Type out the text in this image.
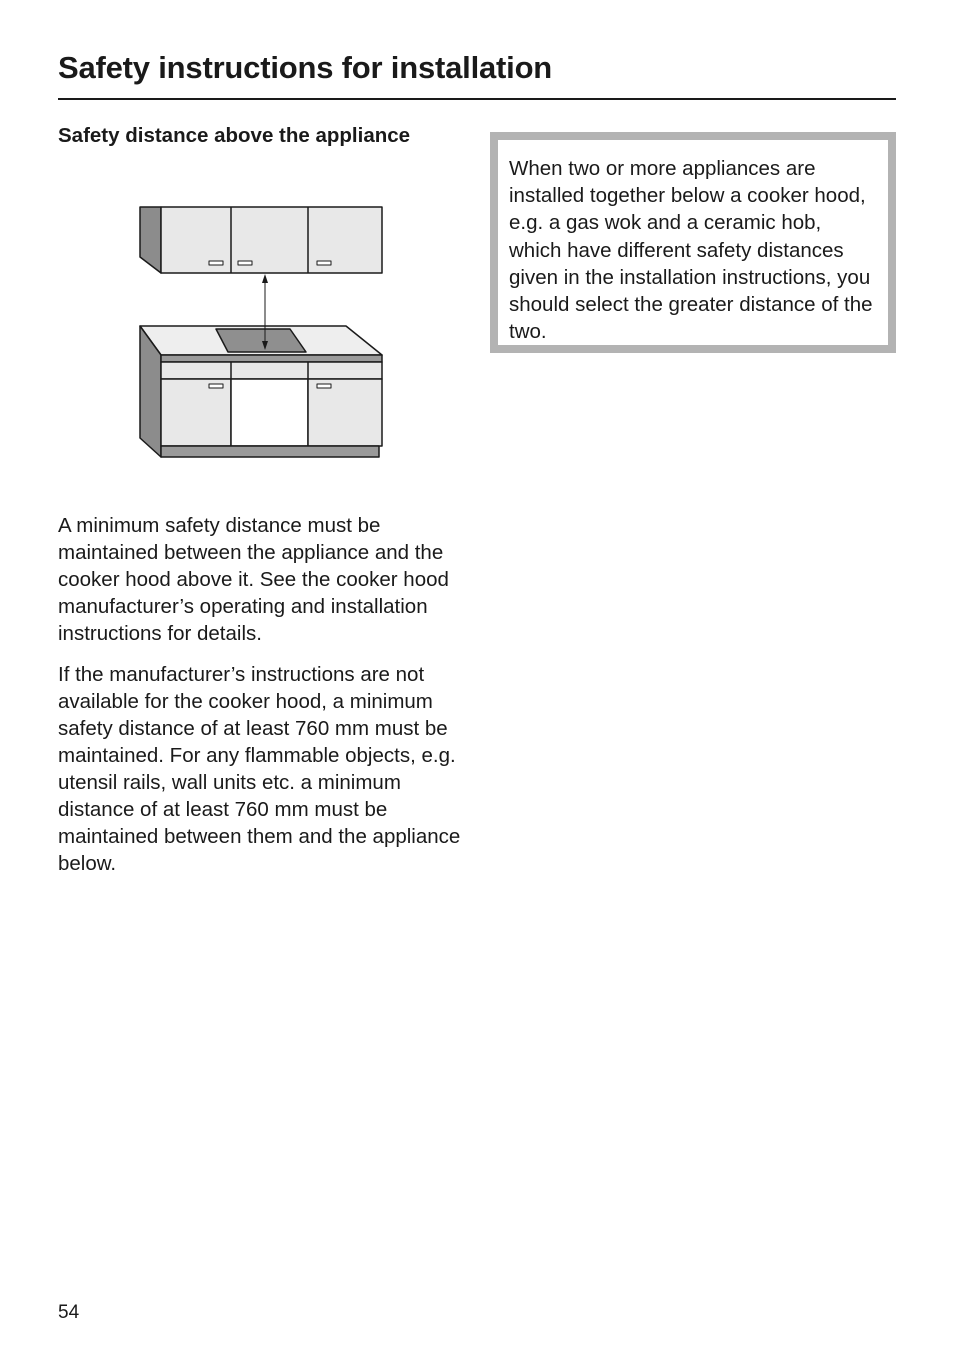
Safety instructions for installation
Safety distance above the appliance

A minimum safety distance must be maintained between the appliance and the cooker hood above it. See the cooker hood manufacturer’s operating and installation instructions for details.

If the manufacturer’s instructions are not available for the cooker hood, a minimum safety distance of at least 760 mm must be maintained. For any flammable objects, e.g. utensil rails, wall units etc. a minimum distance of at least 760 mm must be maintained between them and the appliance below.

When two or more appliances are installed together below a cooker hood, e.g. a gas wok and a ceramic hob, which have different safety distances given in the installation instructions, you should select the greater distance of the two.
54
